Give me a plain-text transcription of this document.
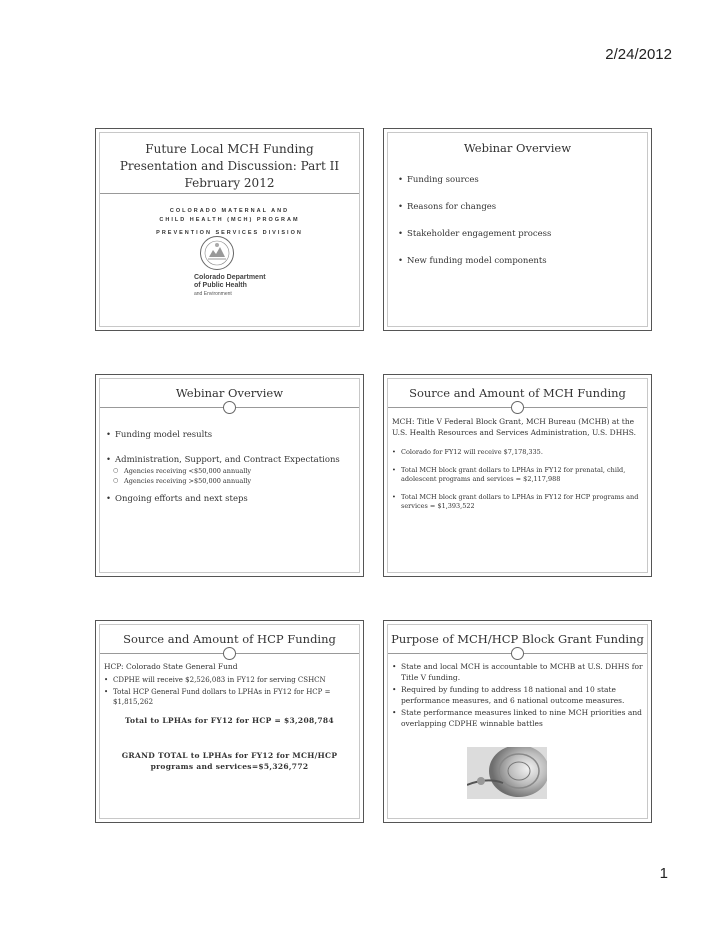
2/24/2012
Future Local MCH Funding
Presentation and Discussion: Part II
February 2012
COLORADO MATERNAL AND
CHILD HEALTH (MCH) PROGRAM
PREVENTION SERVICES DIVISION
Colorado Department
of Public Health
and Environment
Webinar Overview
• Funding sources
• Reasons for changes
• Stakeholder engagement process
• New funding model components
Webinar Overview
• Funding model results
• Administration, Support, and Contract Expectations
○ Agencies receiving <$50,000 annually
○ Agencies receiving >$50,000 annually
• Ongoing efforts and next steps
Source and Amount of MCH Funding
MCH: Title V Federal Block Grant, MCH Bureau (MCHB) at the U.S. Health Resources and Services Administration, U.S. DHHS.
• Colorado for FY12 will receive $7,178,335.
• Total MCH block grant dollars to LPHAs in FY12 for prenatal, child, adolescent programs and services = $2,117,988
• Total MCH block grant dollars to LPHAs in FY12 for HCP programs and services = $1,393,522
Source and Amount of HCP Funding
HCP: Colorado State General Fund
• CDPHE will receive $2,526,083 in FY12 for serving CSHCN
• Total HCP General Fund dollars to LPHAs in FY12 for HCP = $1,815,262
Total to LPHAs for FY12 for HCP = $3,208,784
GRAND TOTAL to LPHAs for FY12 for MCH/HCP programs and services=$5,326,772
Purpose of MCH/HCP Block Grant Funding
• State and local MCH is accountable to MCHB at U.S. DHHS for Title V funding.
• Required by funding to address 18 national and 10 state performance measures, and 6 national outcome measures.
• State performance measures linked to nine MCH priorities and overlapping CDPHE winnable battles
1
